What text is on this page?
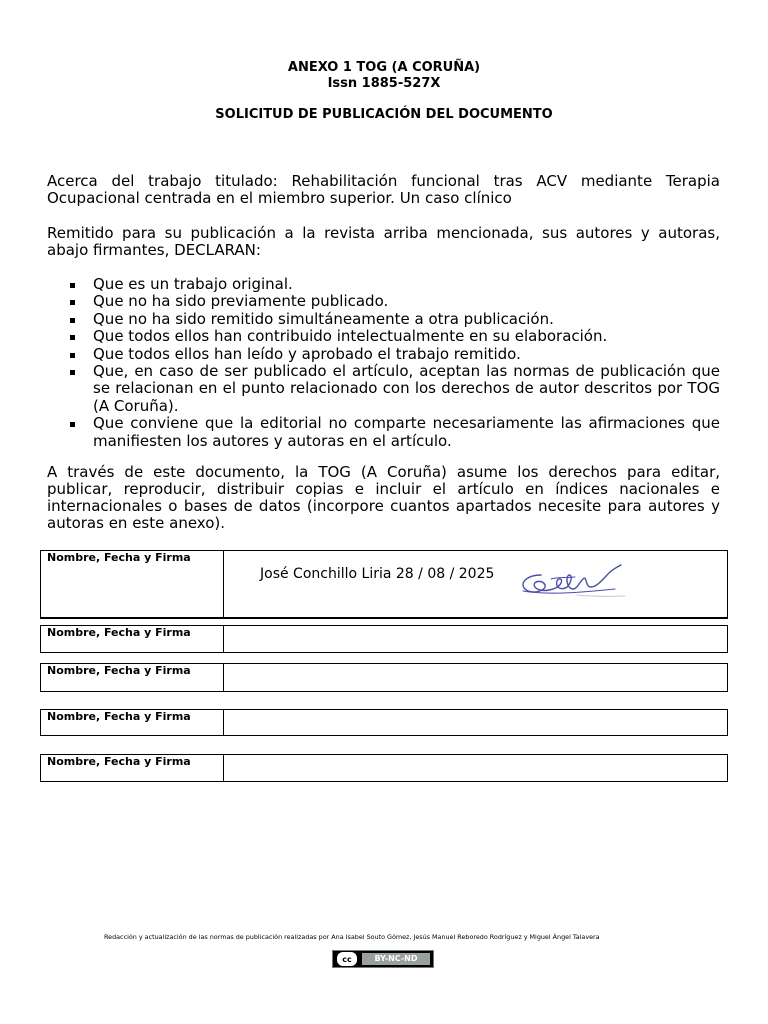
ANEXO 1 TOG (A CORUÑA)
Issn 1885-527X
SOLICITUD DE PUBLICACIÓN DEL DOCUMENTO
Acerca del trabajo titulado: Rehabilitación funcional tras ACV mediante Terapia Ocupacional centrada en el miembro superior. Un caso clínico
Remitido para su publicación a la revista arriba mencionada, sus autores y autoras, abajo firmantes, DECLARAN:
Que es un trabajo original.
Que no ha sido previamente publicado.
Que no ha sido remitido simultáneamente a otra publicación.
Que todos ellos han contribuido intelectualmente en su elaboración.
Que todos ellos han leído y aprobado el trabajo remitido.
Que, en caso de ser publicado el artículo, aceptan las normas de publicación que se relacionan en el punto relacionado con los derechos de autor descritos por TOG (A Coruña).
Que conviene que la editorial no comparte necesariamente las afirmaciones que manifiesten los autores y autoras en el artículo.
A través de este documento, la TOG (A Coruña) asume los derechos para editar, publicar, reproducir, distribuir copias e incluir el artículo en índices nacionales e internacionales o bases de datos (incorpore cuantos apartados necesite para autores y autoras en este anexo).
Nombre, Fecha y Firma
José Conchillo Liria 28 / 08 / 2025
Nombre, Fecha y Firma
Nombre, Fecha y Firma
Nombre, Fecha y Firma
Nombre, Fecha y Firma
Redacción y actualización de las normas de publicación realizadas por Ana Isabel Souto Gómez, Jesús Manuel Reboredo Rodríguez y Miguel Ángel Talavera
cc	BY-NC-ND
